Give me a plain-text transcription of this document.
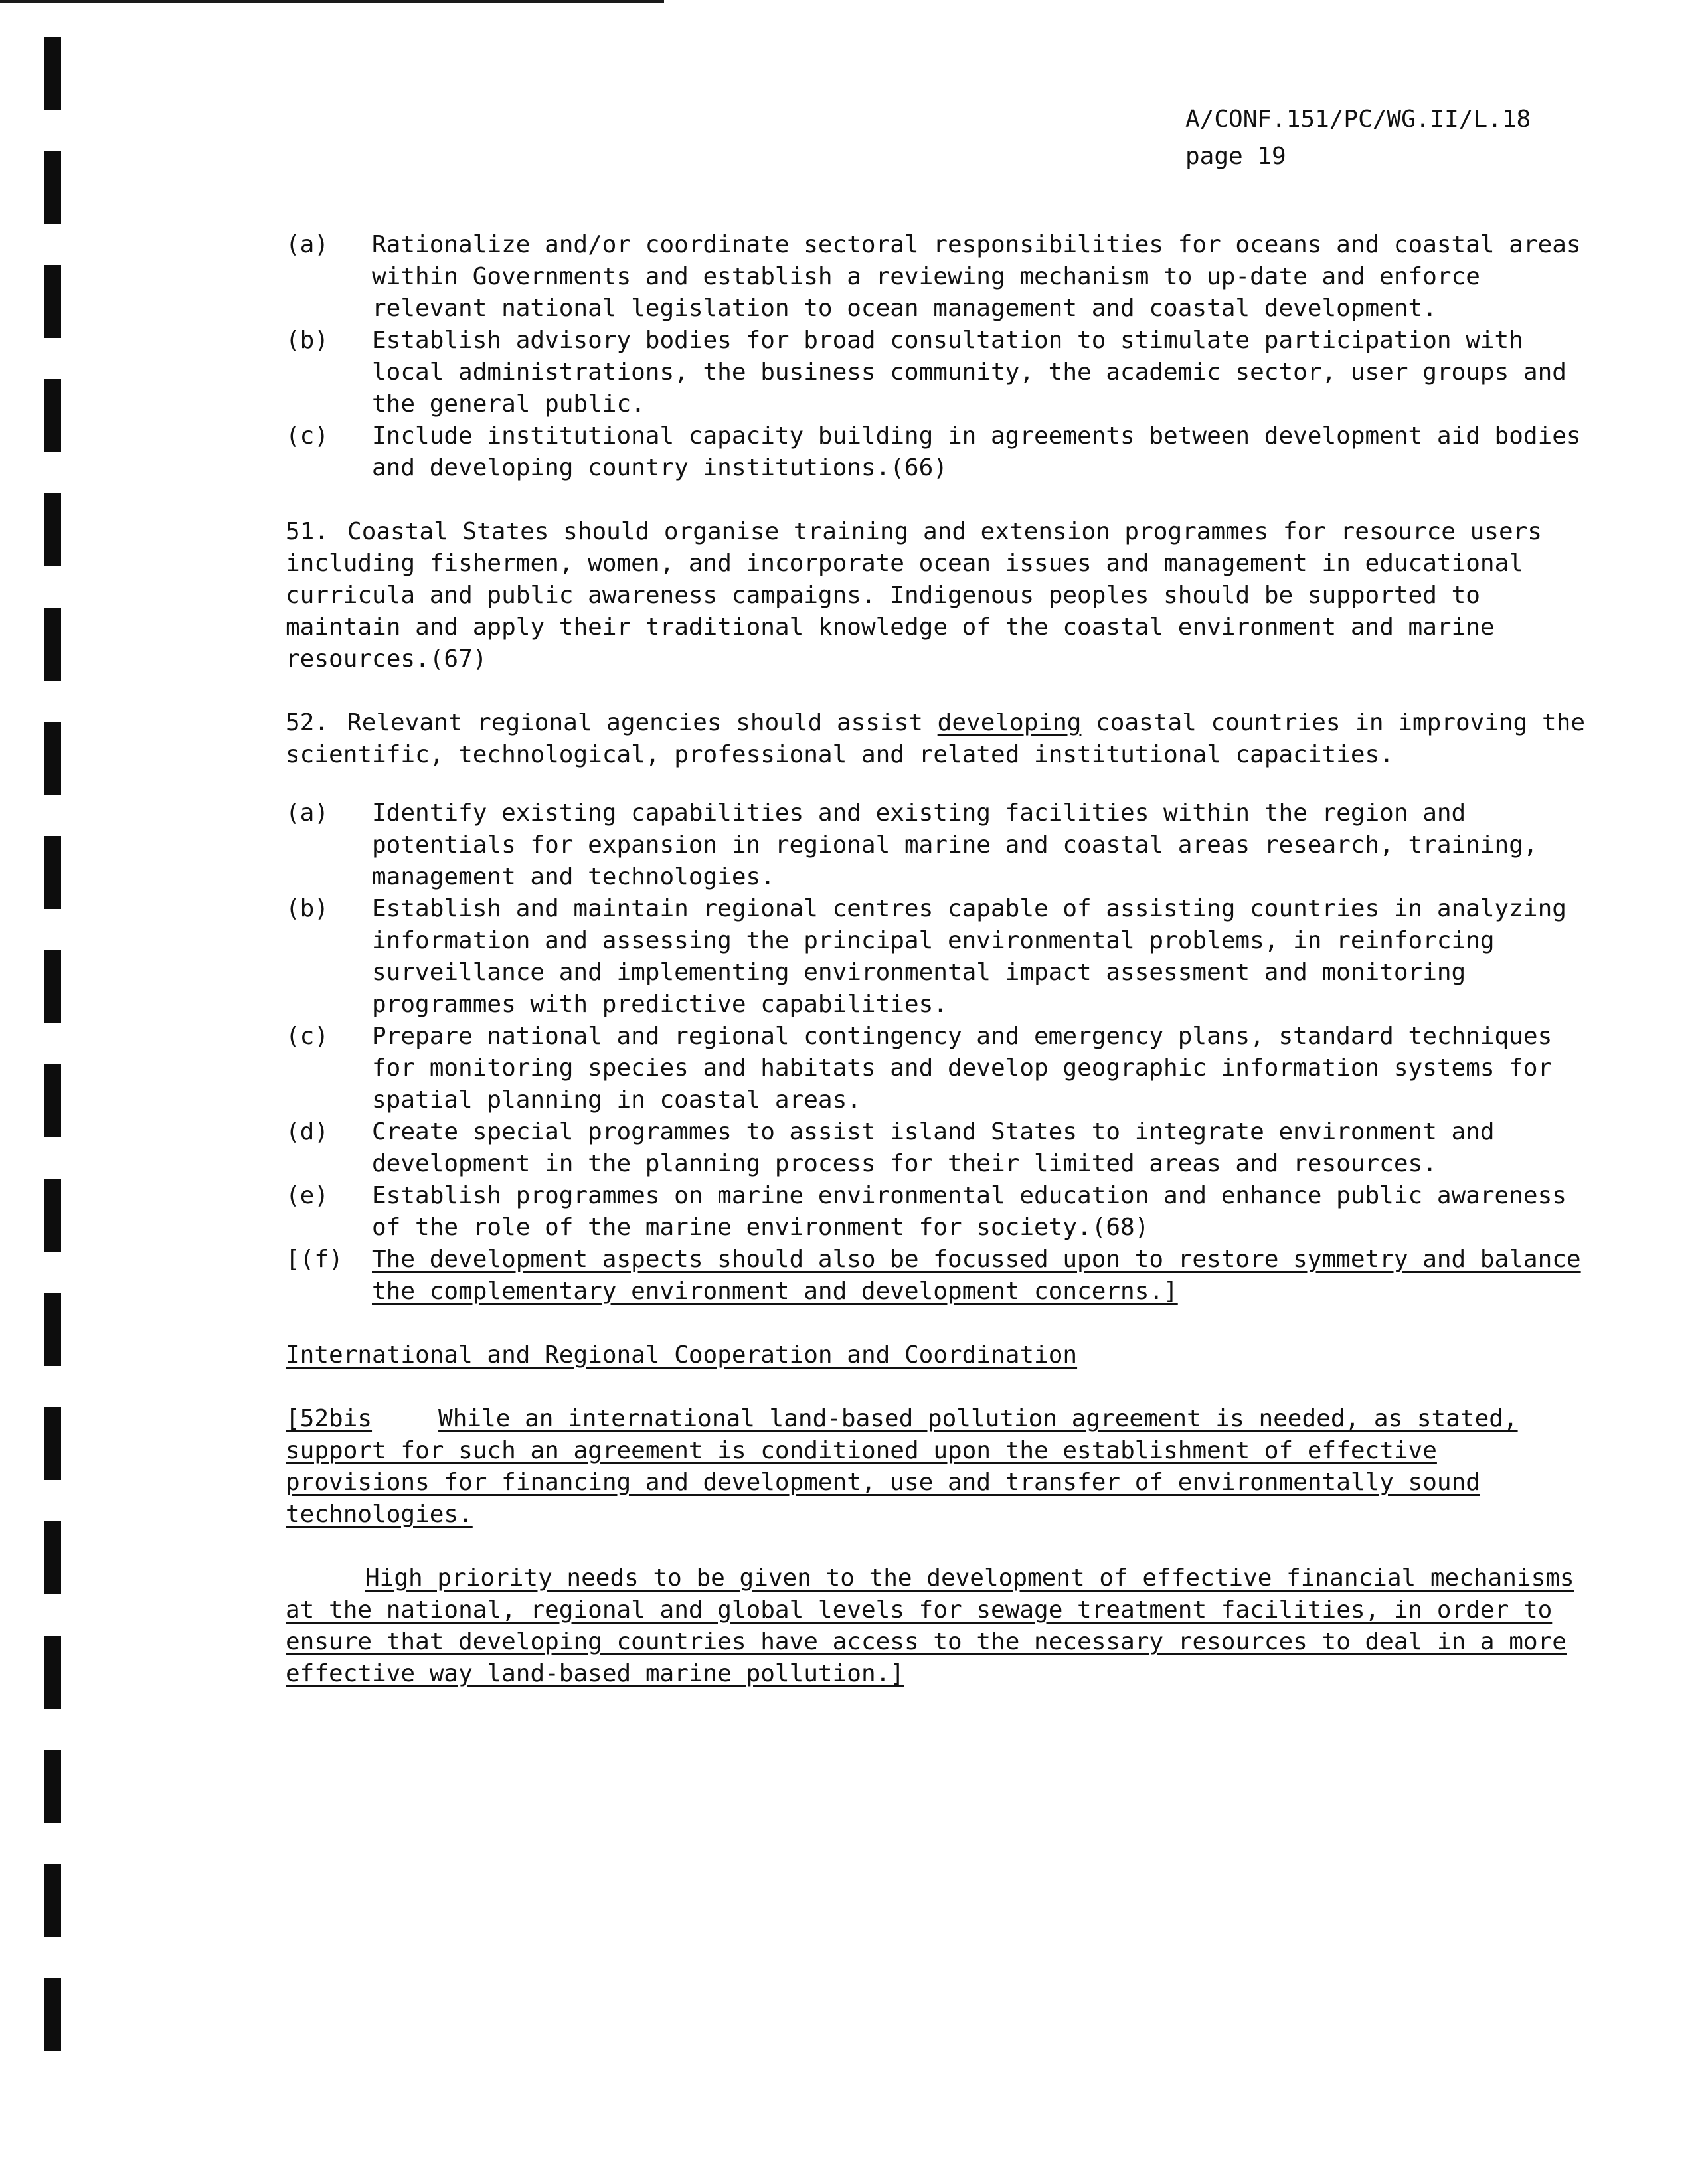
A/CONF.151/PC/WG.II/L.18
page 19
(a)	Rationalize and/or coordinate sectoral responsibilities for oceans and coastal areas within Governments and establish a reviewing mechanism to up-date and enforce relevant national legislation to ocean management and coastal development.
(b)	Establish advisory bodies for broad consultation to stimulate participation with local administrations, the business community, the academic sector, user groups and the general public.
(c)	Include institutional capacity building in agreements between development aid bodies and developing country institutions.(66)

51. Coastal States should organise training and extension programmes for resource users including fishermen, women, and incorporate ocean issues and management in educational curricula and public awareness campaigns. Indigenous peoples should be supported to maintain and apply their traditional knowledge of the coastal environment and marine resources.(67)

52. Relevant regional agencies should assist developing coastal countries in improving the scientific, technological, professional and related institutional capacities.

(a)	Identify existing capabilities and existing facilities within the region and potentials for expansion in regional marine and coastal areas research, training, management and technologies.
(b)	Establish and maintain regional centres capable of assisting countries in analyzing information and assessing the principal environmental problems, in reinforcing surveillance and implementing environmental impact assessment and monitoring programmes with predictive capabilities.
(c)	Prepare national and regional contingency and emergency plans, standard techniques for monitoring species and habitats and develop geographic information systems for spatial planning in coastal areas.
(d)	Create special programmes to assist island States to integrate environment and development in the planning process for their limited areas and resources.
(e)	Establish programmes on marine environmental education and enhance public awareness of the role of the marine environment for society.(68)
[(f)	The development aspects should also be focussed upon to restore symmetry and balance the complementary environment and development concerns.]
International and Regional Cooperation and Coordination

[52bis	While an international land-based pollution agreement is needed, as stated, support for such an agreement is conditioned upon the establishment of effective provisions for financing and development, use and transfer of environmentally sound technologies.

High priority needs to be given to the development of effective financial mechanisms at the national, regional and global levels for sewage treatment facilities, in order to ensure that developing countries have access to the necessary resources to deal in a more effective way land-based marine pollution.]
